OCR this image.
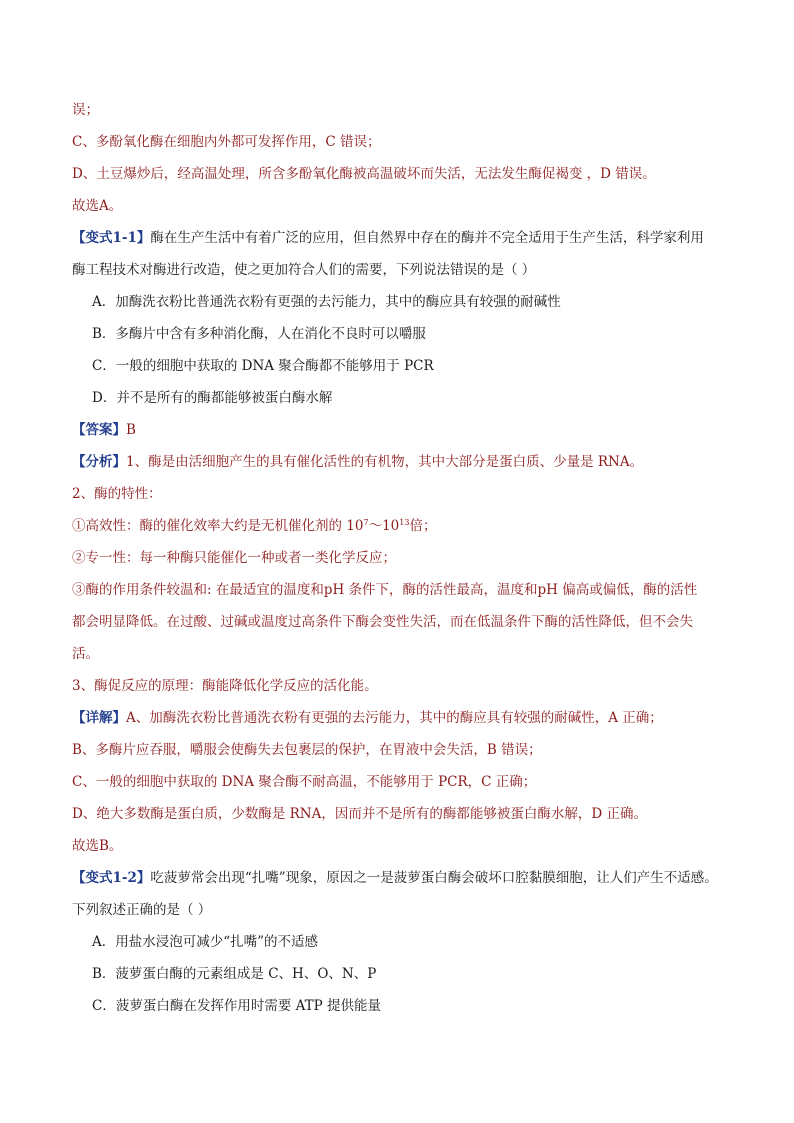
误；
C、多酚氧化酶在细胞内外都可发挥作用，C 错误；
D、土豆爆炒后，经高温处理，所含多酚氧化酶被高温破坏而失活，无法发生酶促褐变 ，D 错误。
故选A。
【变式1-1】酶在生产生活中有着广泛的应用，但自然界中存在的酶并不完全适用于生产生活，科学家利用
酶工程技术对酶进行改造，使之更加符合人们的需要，下列说法错误的是（ ）
A．加酶洗衣粉比普通洗衣粉有更强的去污能力，其中的酶应具有较强的耐碱性
B．多酶片中含有多种消化酶，人在消化不良时可以嚼服
C．一般的细胞中获取的 DNA 聚合酶都不能够用于 PCR
D．并不是所有的酶都能够被蛋白酶水解
【答案】B
【分析】1、酶是由活细胞产生的具有催化活性的有机物，其中大部分是蛋白质、少量是 RNA。
2、酶的特性：
①高效性：酶的催化效率大约是无机催化剂的 $10^7\sim 10^{13}$倍；
②专一性：每一种酶只能催化一种或者一类化学反应；
③酶的作用条件较温和: 在最适宜的温度和pH 条件下，酶的活性最高，温度和pH 偏高或偏低，酶的活性
都会明显降低。在过酸、过碱或温度过高条件下酶会变性失活，而在低温条件下酶的活性降低，但不会失
活。
3、酶促反应的原理：酶能降低化学反应的活化能。
【详解】A、加酶洗衣粉比普通洗衣粉有更强的去污能力，其中的酶应具有较强的耐碱性，A 正确；
B、多酶片应吞服，嚼服会使酶失去包裹层的保护，在胃液中会失活，B 错误；
C、一般的细胞中获取的 DNA 聚合酶不耐高温，不能够用于 PCR，C 正确；
D、绝大多数酶是蛋白质，少数酶是 RNA，因而并不是所有的酶都能够被蛋白酶水解，D 正确。
故选B。
【变式1-2】吃菠萝常会出现“扎嘴”现象，原因之一是菠萝蛋白酶会破坏口腔黏膜细胞，让人们产生不适感。
下列叙述正确的是（ ）
A．用盐水浸泡可减少“扎嘴”的不适感
B．菠萝蛋白酶的元素组成是 C、H、O、N、P
C．菠萝蛋白酶在发挥作用时需要 ATP 提供能量
